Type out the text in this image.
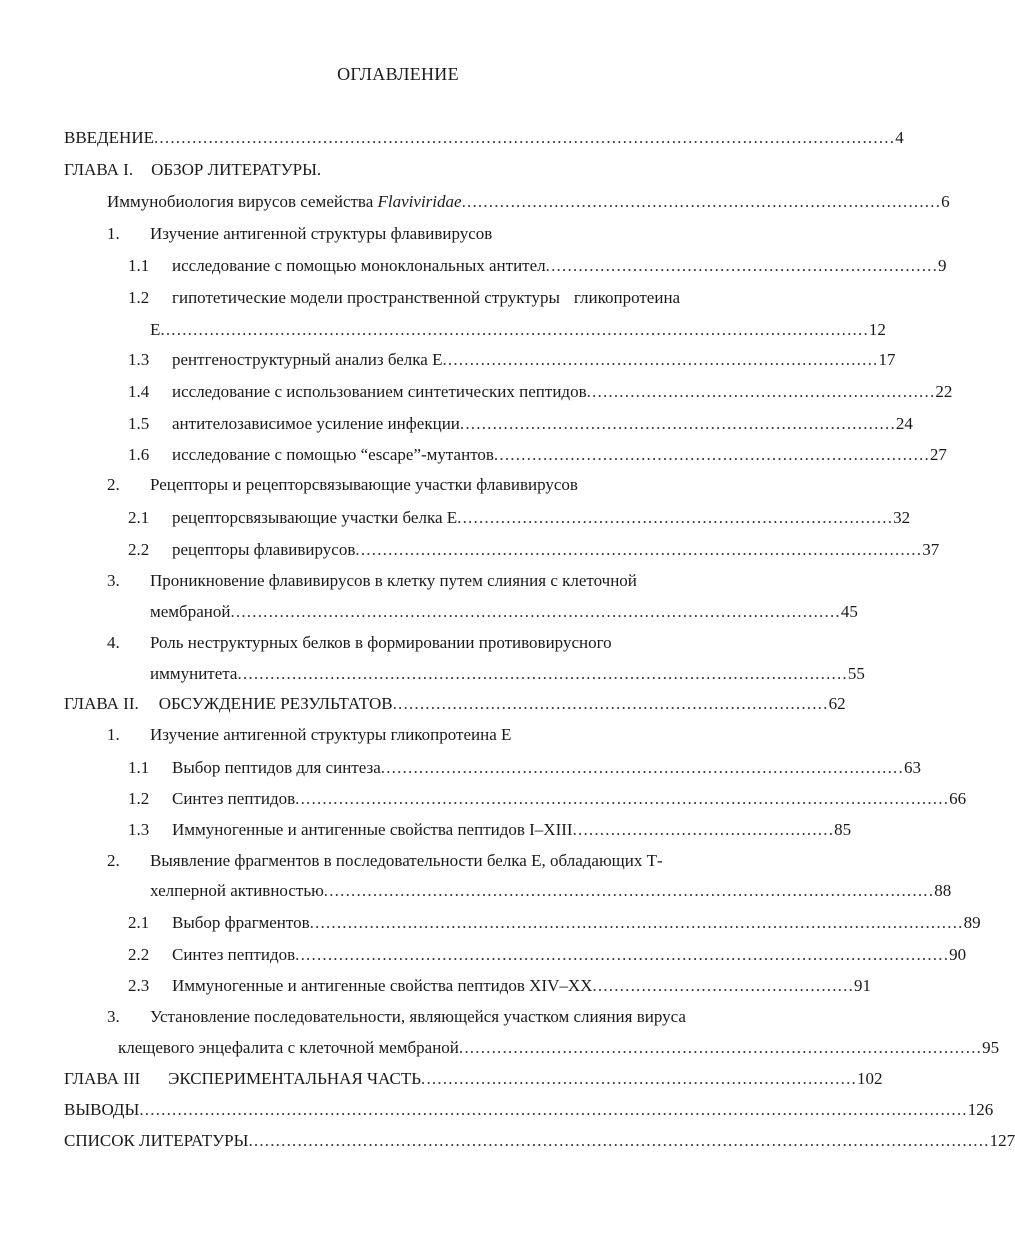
ОГЛАВЛЕНИЕ
ВВЕДЕНИЕ ........................................................................................................................................ 4
ГЛАВА I. ОБЗОР ЛИТЕРАТУРЫ.
Иммунобиология вирусов семейства Flaviviridae ........................................................................................ 6
1. Изучение антигенной структуры флавивирусов
1.1 исследование с помощью моноклональных антител ........................................................................ 9
1.2 гипотетические модели пространственной структуры гликопротеина
Е .................................................................................................................................. 12
1.3 рентгеноструктурный анализ белка Е ................................................................................ 17
1.4 исследование с использованием синтетических пептидов ................................................................ 22
1.5 антителозависимое усиление инфекции ................................................................................ 24
1.6 исследование с помощью “escape”-мутантов ................................................................................ 27
2. Рецепторы и рецепторсвязывающие участки флавивирусов
2.1 рецепторсвязывающие участки белка Е ................................................................................ 32
2.2 рецепторы флавивирусов ........................................................................................................ 37
3. Проникновение флавивирусов в клетку путем слияния с клеточной
мембраной ................................................................................................................ 45
4. Роль неструктурных белков в формировании противовирусного
иммунитета ................................................................................................................ 55
ГЛАВА II. ОБСУЖДЕНИЕ РЕЗУЛЬТАТОВ ................................................................................ 62
1. Изучение антигенной структуры гликопротеина Е
1.1 Выбор пептидов для синтеза ................................................................................................ 63
1.2 Синтез пептидов ........................................................................................................................ 66
1.3 Иммуногенные и антигенные свойства пептидов I–XIII ................................................ 85
2. Выявление фрагментов в последовательности белка Е, обладающих Т-
хелперной активностью ................................................................................................................ 88
2.1 Выбор фрагментов ........................................................................................................................ 89
2.2 Синтез пептидов ........................................................................................................................ 90
2.3 Иммуногенные и антигенные свойства пептидов XIV–XX ................................................ 91
3. Установление последовательности, являющейся участком слияния вируса
клещевого энцефалита с клеточной мембраной ................................................................................................ 95
ГЛАВА III ЭКСПЕРИМЕНТАЛЬНАЯ ЧАСТЬ ................................................................................ 102
ВЫВОДЫ ........................................................................................................................................................ 126
СПИСОК ЛИТЕРАТУРЫ ........................................................................................................................................ 127
